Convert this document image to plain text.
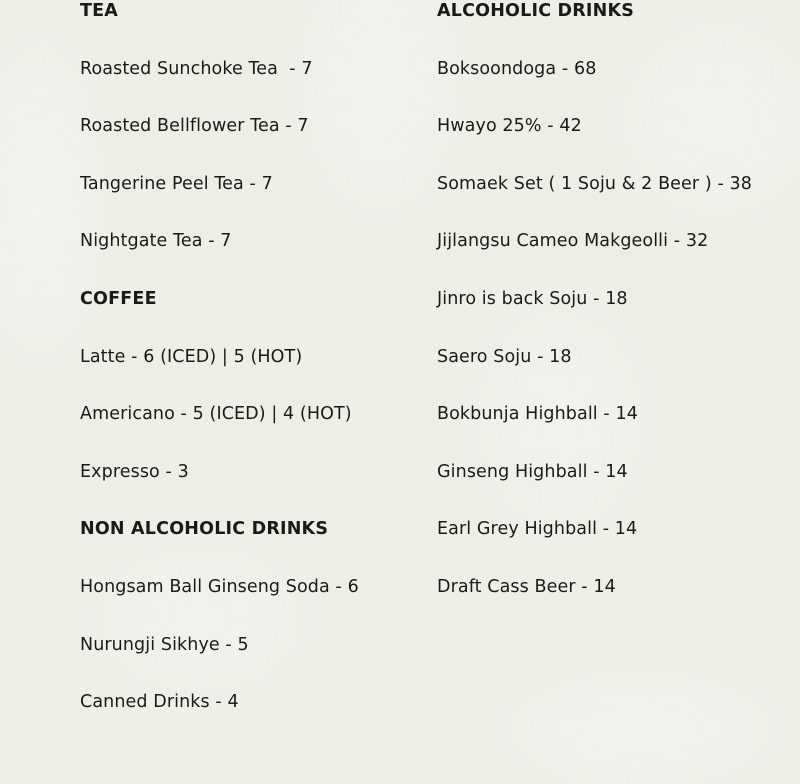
TEA
Roasted Sunchoke Tea  - 7
Roasted Bellflower Tea - 7
Tangerine Peel Tea - 7
Nightgate Tea - 7
COFFEE
Latte - 6 (ICED) | 5 (HOT)
Americano - 5 (ICED) | 4 (HOT)
Expresso - 3
NON ALCOHOLIC DRINKS
Hongsam Ball Ginseng Soda - 6
Nurungji Sikhye - 5
Canned Drinks - 4
ALCOHOLIC DRINKS
Boksoondoga - 68
Hwayo 25% - 42
Somaek Set ( 1 Soju & 2 Beer ) - 38
Jijlangsu Cameo Makgeolli - 32
Jinro is back Soju - 18
Saero Soju - 18
Bokbunja Highball - 14
Ginseng Highball - 14
Earl Grey Highball - 14
Draft Cass Beer - 14
